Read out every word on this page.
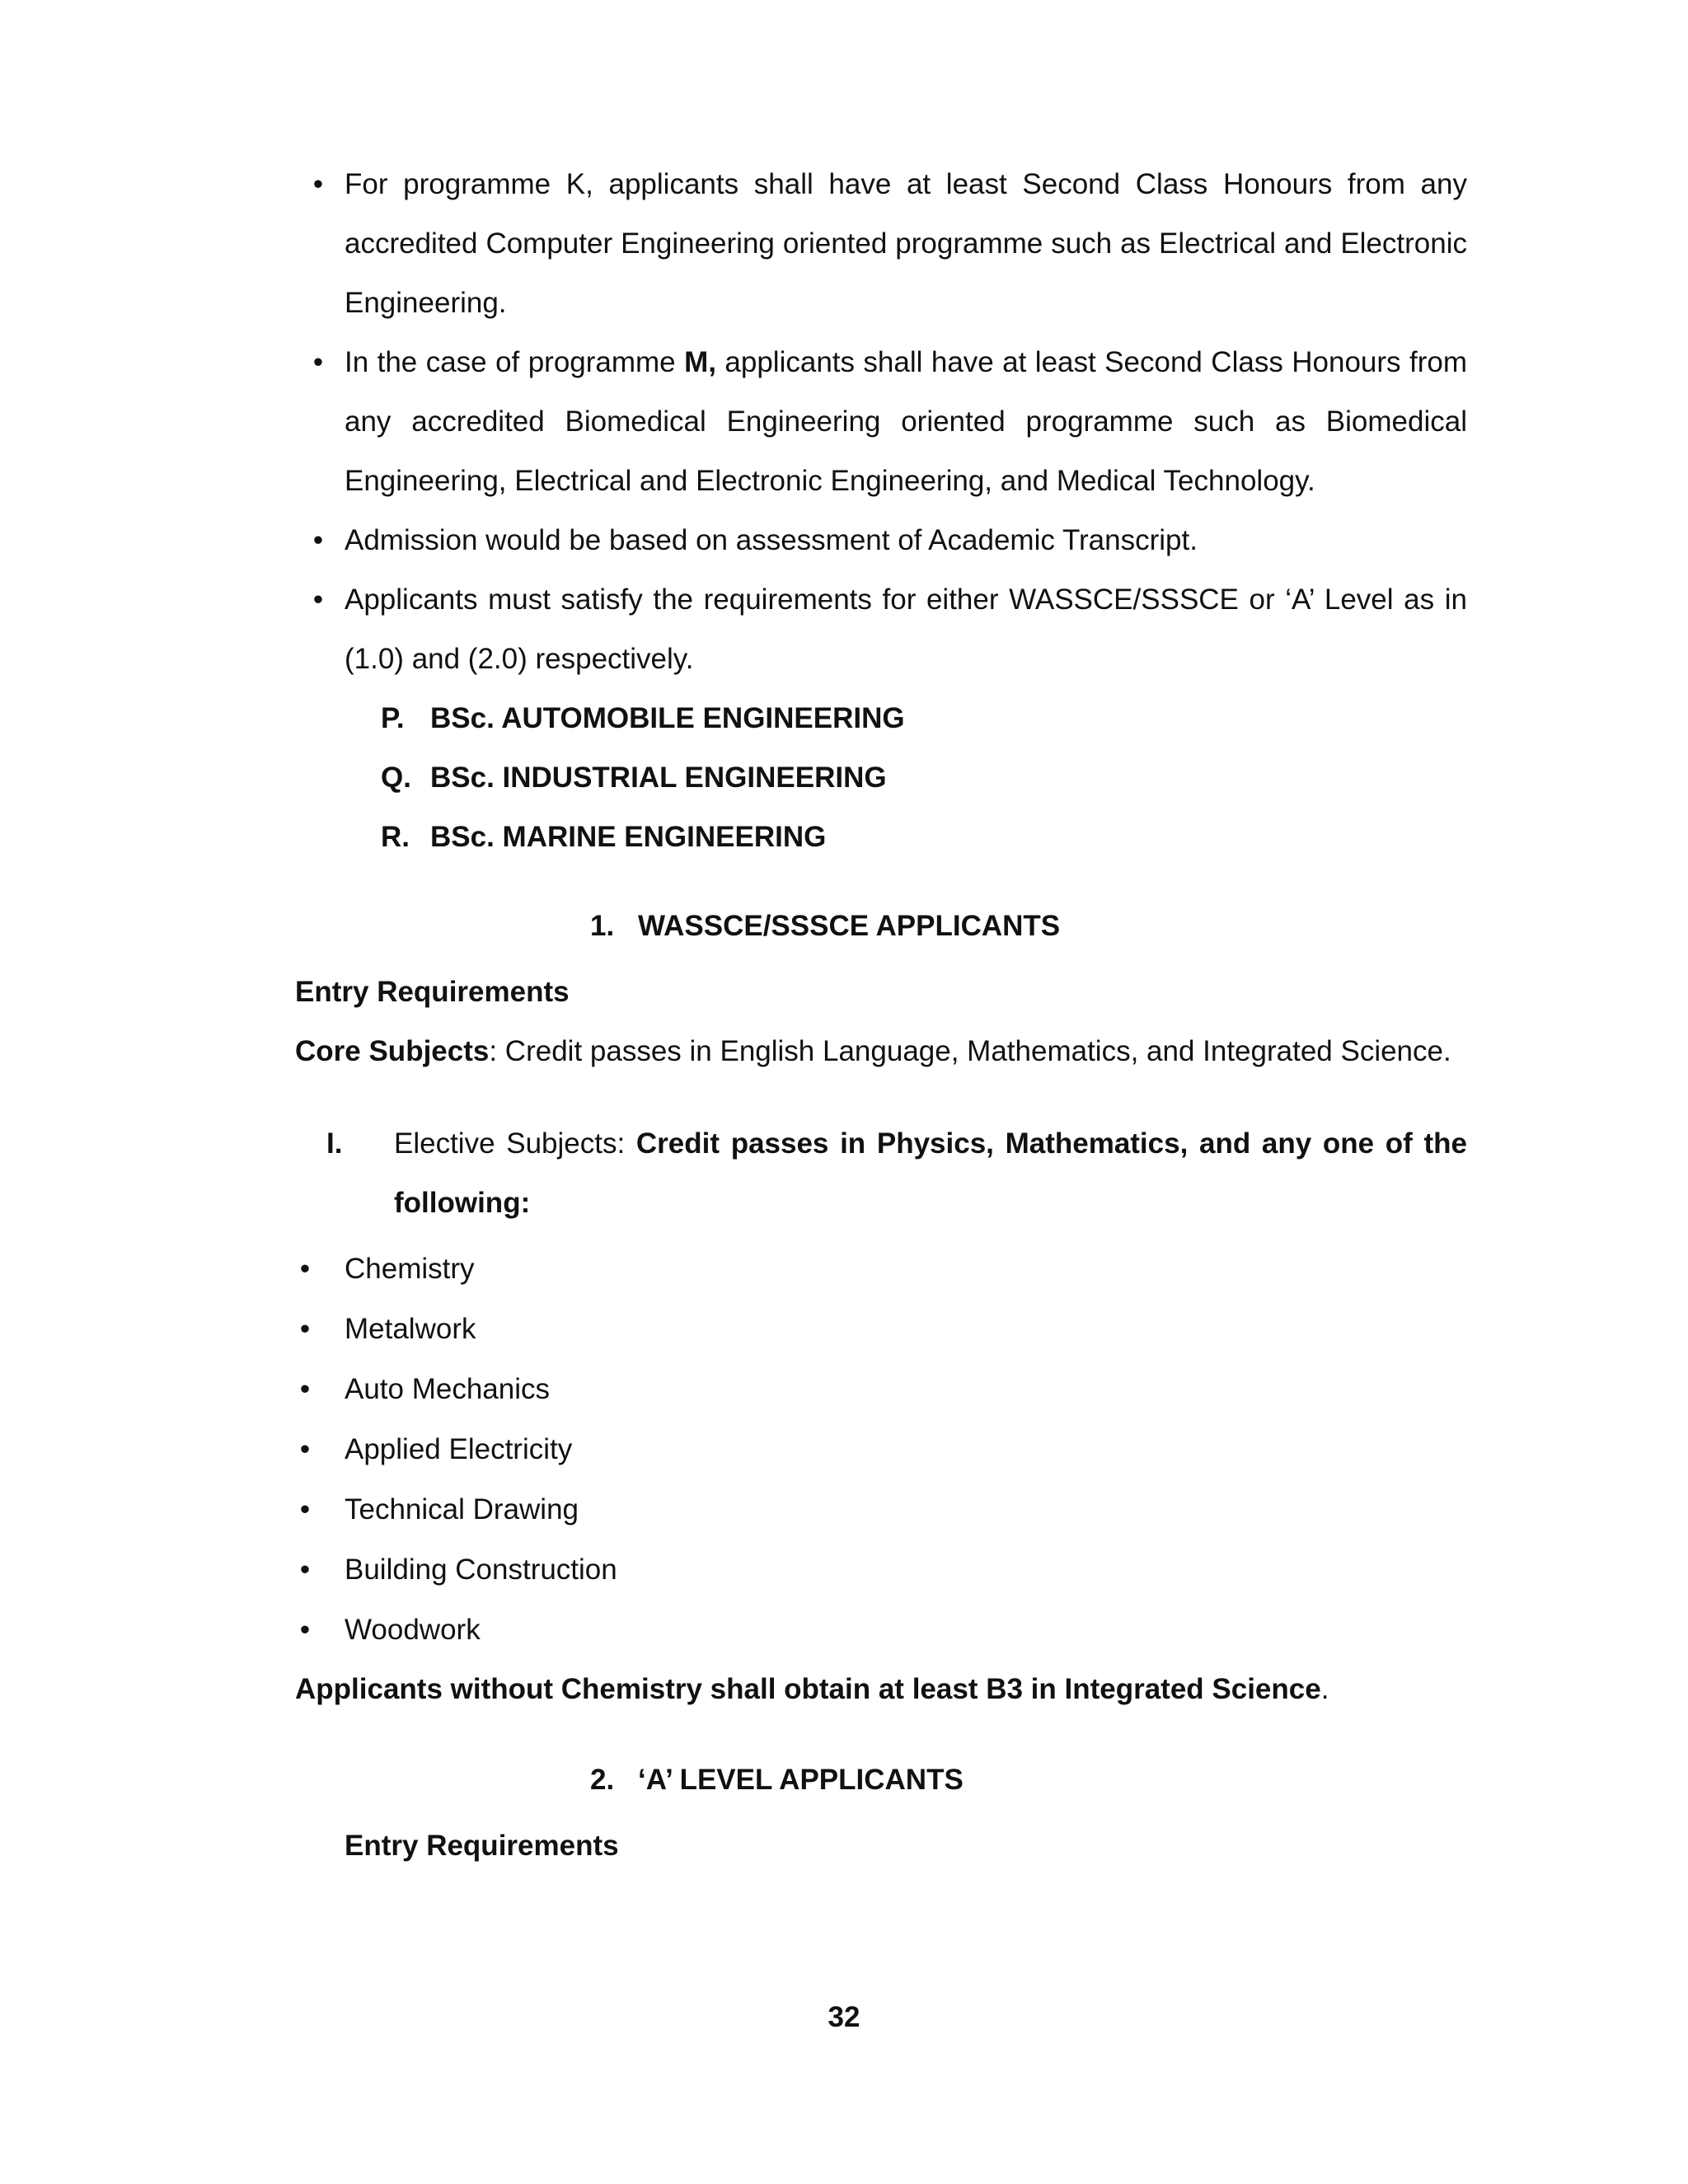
• For programme K, applicants shall have at least Second Class Honours from any accredited Computer Engineering oriented programme such as Electrical and Electronic Engineering.

• In the case of programme M, applicants shall have at least Second Class Honours from any accredited Biomedical Engineering oriented programme such as Biomedical Engineering, Electrical and Electronic Engineering, and Medical Technology.

• Admission would be based on assessment of Academic Transcript.

• Applicants must satisfy the requirements for either WASSCE/SSSCE or ‘A’ Level as in (1.0) and (2.0) respectively.

P. BSc. AUTOMOBILE ENGINEERING
Q. BSc. INDUSTRIAL ENGINEERING
R. BSc. MARINE ENGINEERING
1. WASSCE/SSSCE APPLICANTS
Entry Requirements

Core Subjects: Credit passes in English Language, Mathematics, and Integrated Science.

I. Elective Subjects: Credit passes in Physics, Mathematics, and any one of the following:

• Chemistry
• Metalwork
• Auto Mechanics
• Applied Electricity
• Technical Drawing
• Building Construction
• Woodwork

Applicants without Chemistry shall obtain at least B3 in Integrated Science.

2. ‘A’ LEVEL APPLICANTS
Entry Requirements
32
